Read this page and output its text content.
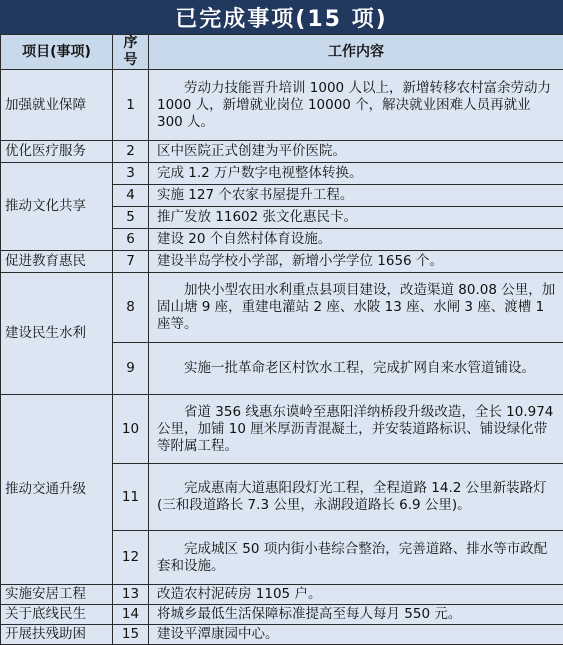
已完成事项(15 项)
项目(事项)	序号	工作内容
加强就业保障	1	劳动力技能晋升培训 1000 人以上，新增转移农村富余劳动力 1000 人，新增就业岗位 10000 个，解决就业困难人员再就业 300 人。
优化医疗服务	2	区中医院正式创建为平价医院。
推动文化共享	3	完成 1.2 万户数字电视整体转换。
	4	实施 127 个农家书屋提升工程。
	5	推广发放 11602 张文化惠民卡。
	6	建设 20 个自然村体育设施。
促进教育惠民	7	建设半岛学校小学部，新增小学学位 1656 个。
建设民生水利	8	加快小型农田水利重点县项目建设，改造渠道 80.08 公里，加固山塘 9 座，重建电灌站 2 座、水陂 13 座、水闸 3 座、渡槽 1 座等。
	9	实施一批革命老区村饮水工程，完成扩网自来水管道铺设。
推动交通升级	10	省道 356 线惠东谟岭至惠阳洋纳桥段升级改造，全长 10.974 公里，加铺 10 厘米厚沥青混凝土，并安装道路标识、铺设绿化带等附属工程。
	11	完成惠南大道惠阳段灯光工程，全程道路 14.2 公里新装路灯(三和段道路长 7.3 公里，永湖段道路长 6.9 公里)。
	12	完成城区 50 项内街小巷综合整治，完善道路、排水等市政配套和设施。
实施安居工程	13	改造农村泥砖房 1105 户。
关于底线民生	14	将城乡最低生活保障标准提高至每人每月 550 元。
开展扶残助困	15	建设平潭康园中心。
